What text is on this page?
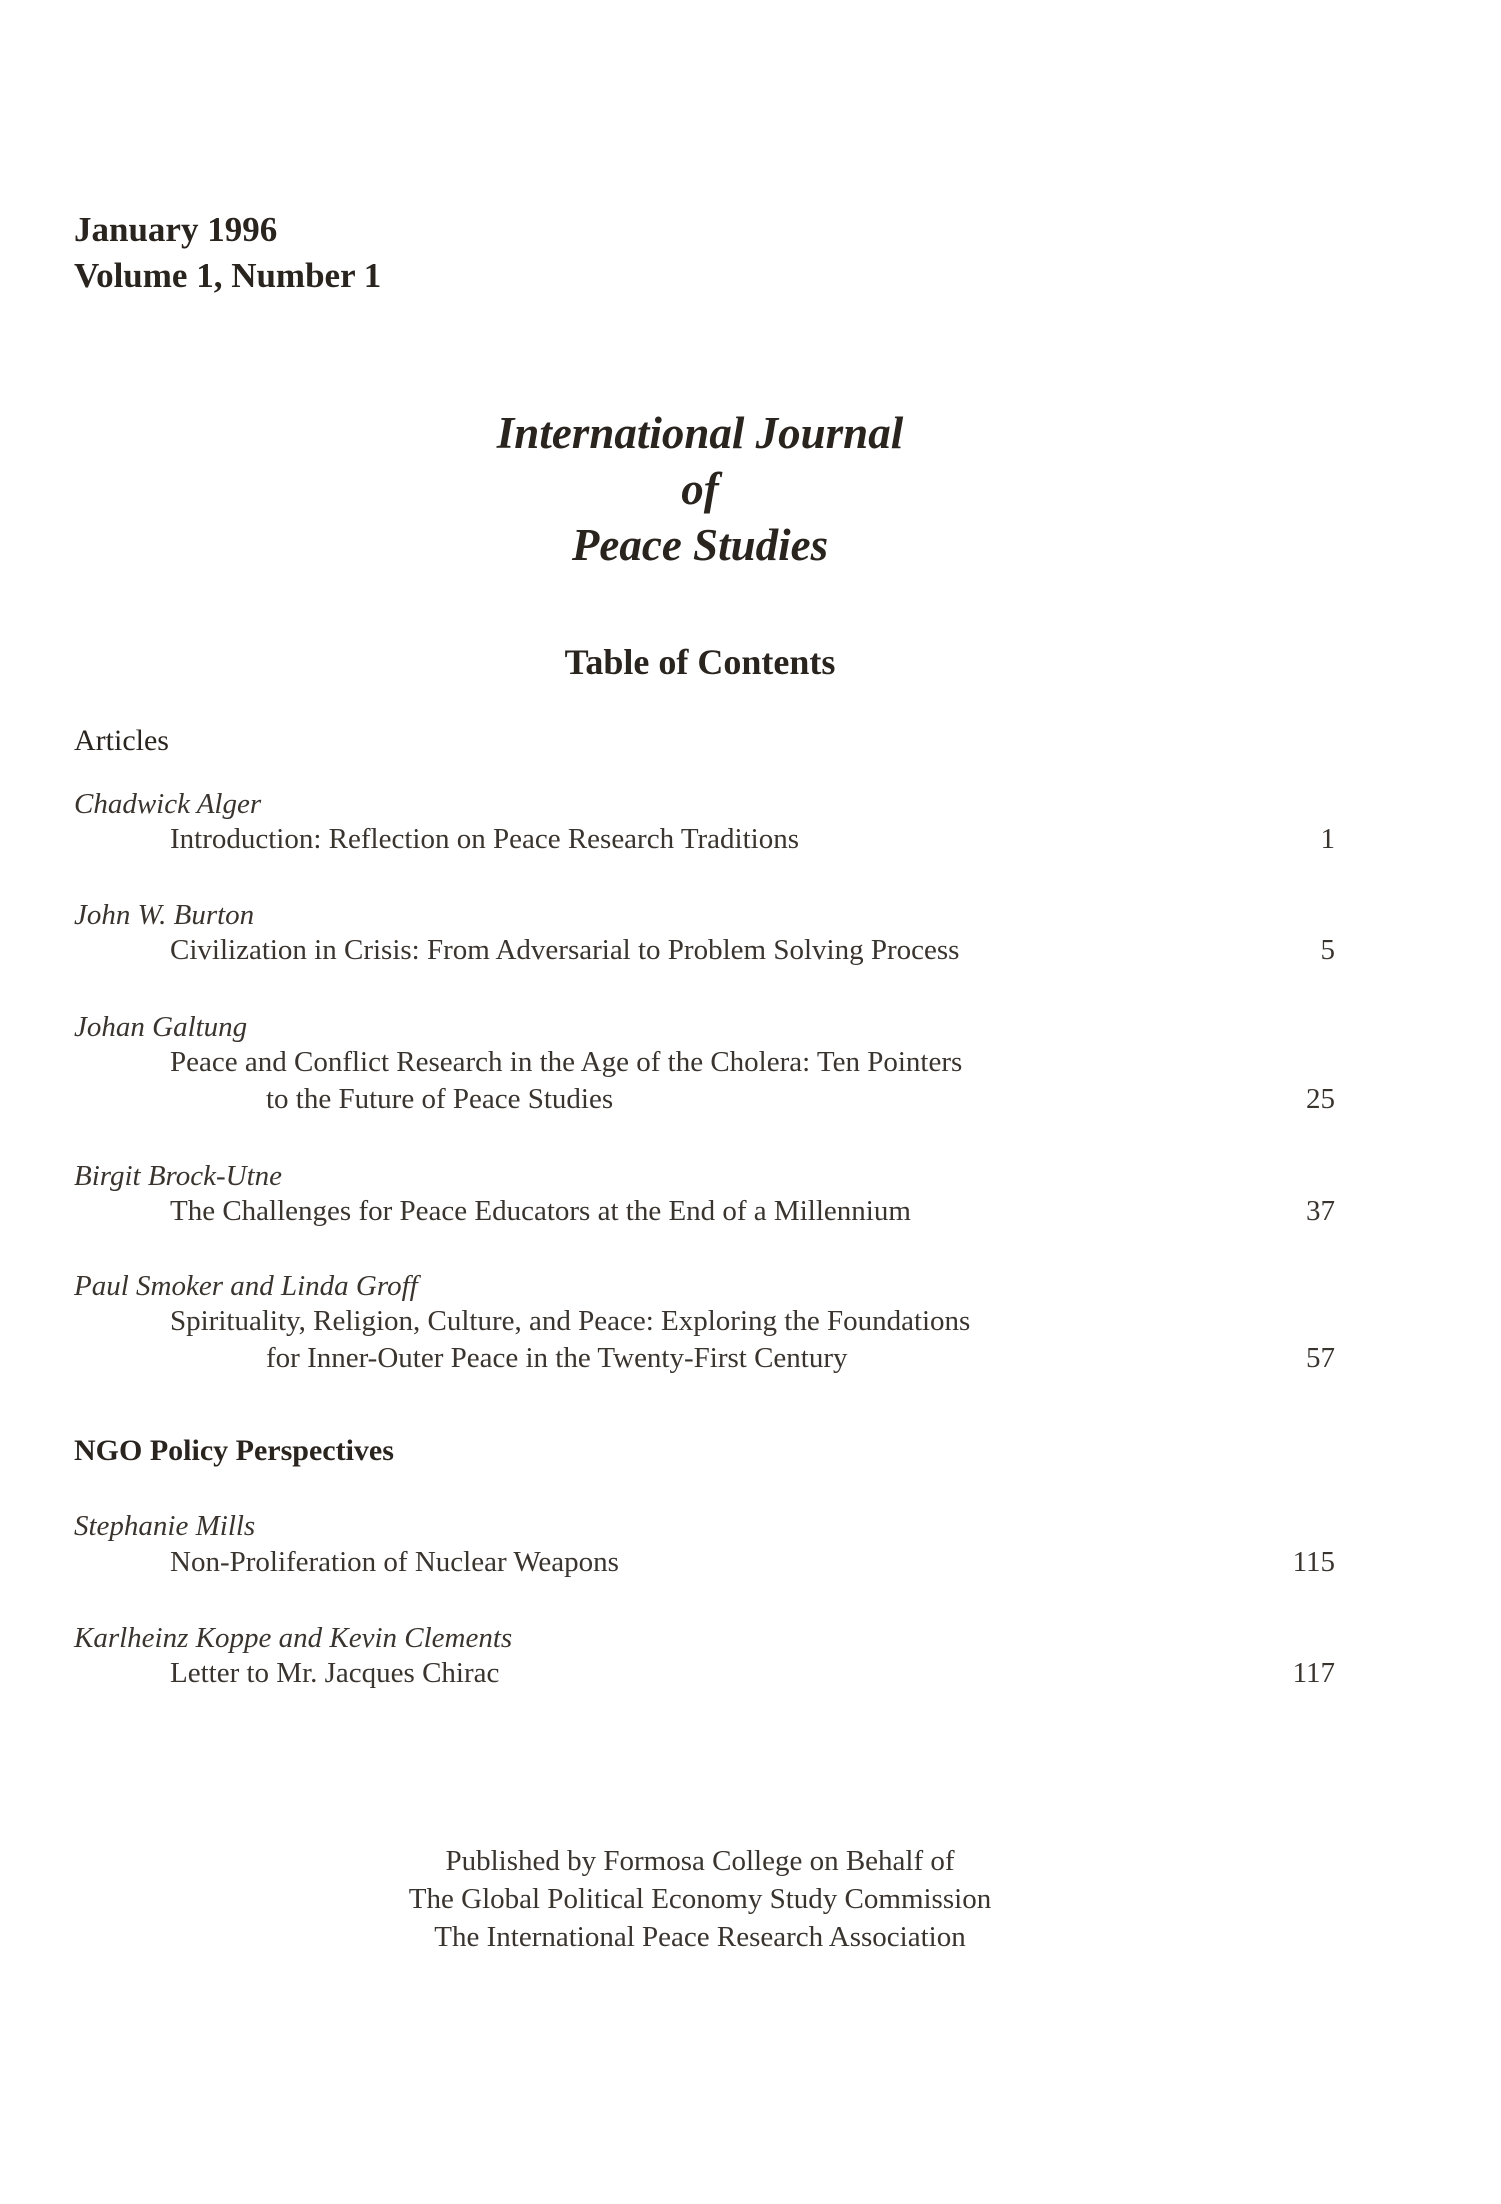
January 1996
Volume 1, Number 1
International Journal
of
Peace Studies
Table of Contents
Articles
Chadwick Alger
Introduction: Reflection on Peace Research Traditions	1
John W. Burton
Civilization in Crisis: From Adversarial to Problem Solving Process	5
Johan Galtung
Peace and Conflict Research in the Age of the Cholera: Ten Pointers
to the Future of Peace Studies	25
Birgit Brock-Utne
The Challenges for Peace Educators at the End of a Millennium	37
Paul Smoker and Linda Groff
Spirituality, Religion, Culture, and Peace: Exploring the Foundations
for Inner-Outer Peace in the Twenty-First Century	57
NGO Policy Perspectives
Stephanie Mills
Non-Proliferation of Nuclear Weapons	115
Karlheinz Koppe and Kevin Clements
Letter to Mr. Jacques Chirac	117
Published by Formosa College on Behalf of
The Global Political Economy Study Commission
The International Peace Research Association
